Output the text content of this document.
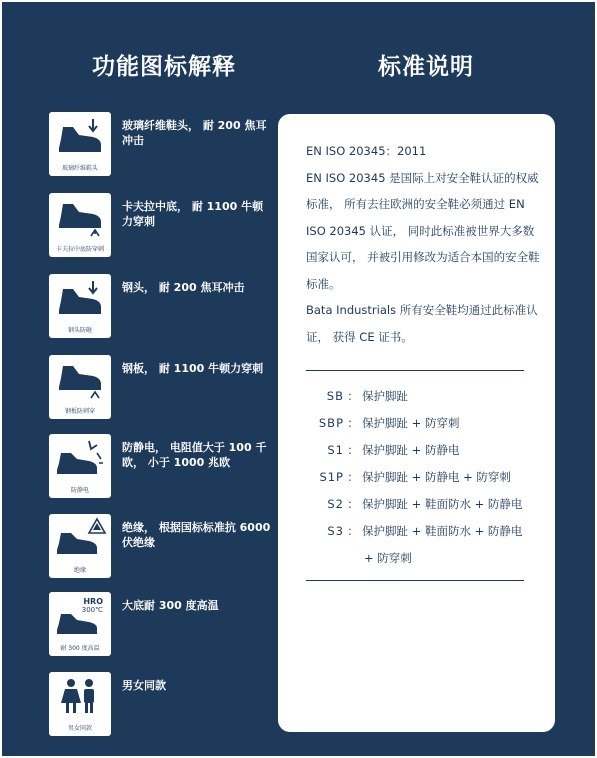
功能图标解释	标准说明
玻璃纤维鞋头
玻璃纤维鞋头， 耐 200 焦耳冲击
卡夫拉中底防穿刺
卡夫拉中底， 耐 1100 牛顿力穿刺
钢头防砸
钢头， 耐 200 焦耳冲击
钢板防刺穿
钢板， 耐 1100 牛顿力穿刺
防静电
防静电， 电阻值大于 100 千欧， 小于 1000 兆欧
绝缘
绝缘， 根据国标标准抗 6000 伏绝缘
HRO
300℃
耐 300 度高温
大底耐 300 度高温
男女同款
男女同款

EN ISO 20345：2011

EN ISO 20345 是国际上对安全鞋认证的权威标准， 所有去往欧洲的安全鞋必须通过 EN ISO 20345 认证， 同时此标准被世界大多数国家认可， 并被引用修改为适合本国的安全鞋标准。

Bata Industrials 所有安全鞋均通过此标准认证， 获得 CE 证书。

SB ： 保护脚趾
SBP ： 保护脚趾 + 防穿刺
S1 ： 保护脚趾 + 防静电
S1P ： 保护脚趾 + 防静电 + 防穿刺
S2 ： 保护脚趾 + 鞋面防水 + 防静电
S3 ： 保护脚趾 + 鞋面防水 + 防静电
+ 防穿刺
